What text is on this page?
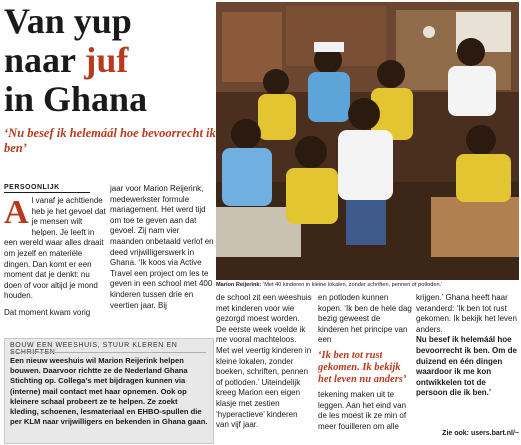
Van yup
naar juf
in Ghana
‘Nu besef ik helemáál hoe bevoorrecht ik ben’
PERSOONLIJK
A l vanaf je achttiende heb je het gevoel dat je mensen wilt helpen. Je leeft in een wereld waar alles draait om jezelf en materiële dingen. Dan komt er een moment dat je denkt: nu doen of voor altijd je mond houden.

Dat moment kwam vorig

jaar voor Marion Reijerink, medewerkster formule management. Het werd tijd om toe te geven aan dat gevoel. Zij nam vier maanden onbetaald verlof en deed vrijwilligerswerk in Ghana. ‘Ik koos via Active Travel een project om les te geven in een school met 400 kinderen tussen drie en veertien jaar. Bij

Marion Reijerink: ‘Met 40 kinderen in kleine lokalen, zonder schriften, pennen of potloden.’

de school zit een weeshuis met kinderen voor wie gezorgd moest worden. De eerste week voelde ik me vooral machteloos. Met wel veertig kinderen in kleine lokalen, zonder boeken, schriften, pennen of potloden.’ Uiteindelijk kreeg Marion een eigen klasje met zestien ‘hyperactieve’ kinderen van vijf jaar.

en potloden kunnen kopen. ‘Ik ben de hele dag bezig geweest de kinderen het principe van een

‘Ik ben tot rust gekomen. Ik bekijk het leven nu anders’

tekening maken uit te leggen. Aan het eind van de les moest ik ze min of meer fouilleren om alle

krijgen.’ Ghana heeft haar veranderd: ‘Ik ben tot rust gekomen. Ik bekijk het leven anders.

Nu besef ik helemáál hoe bevoorrecht ik ben. Om de duizend en één dingen waardoor ik me kon ontwikkelen tot de persoon die ik ben.’

BOUW EEN WEESHUIS, STUUR KLEREN EN
Een nieuw weeshuis wil Marion Reijerink helpen bouwen. Daarvoor richtte ze de Nederland Ghana Stichting op. Collega’s met bijdragen kunnen via (interne) mail contact met haar opnemen. Ook op kleinere schaal probeert ze te helpen. Ze zoekt kleding, schoenen, lesmateriaal en EHBO-spullen die per KLM naar vrijwilligers en bekenden in Ghana gaan.
Zie ook: users.bart.nl/~
